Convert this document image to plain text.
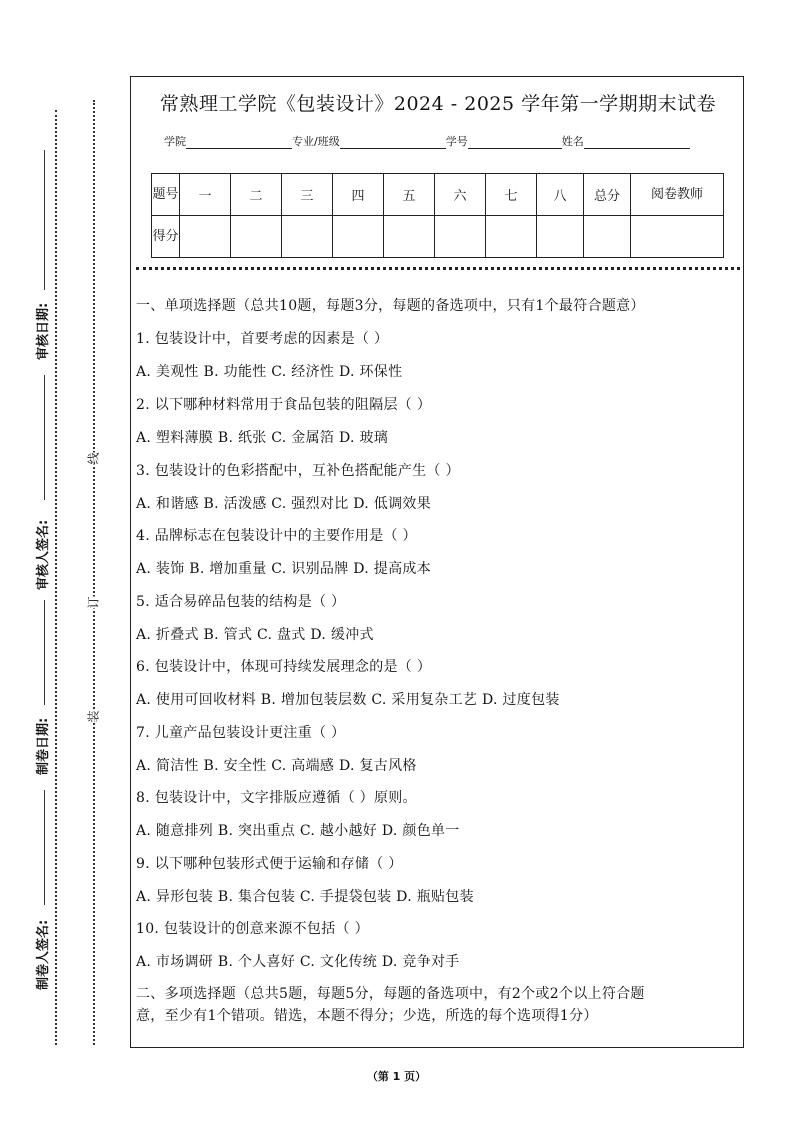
审核日期:
审核人签名:
制卷日期:
制卷人签名:
线
订
装
常熟理工学院《包装设计》2024 - 2025 学年第一学期期末试卷
学院	专业/班级	学号	姓名
题号	一	二	三	四	五	六	七	八	总分	阅卷教师
得分										
一、单项选择题（总共10题，每题3分，每题的备选项中，只有1个最符合题意）
1. 包装设计中，首要考虑的因素是（ ）
A. 美观性 B. 功能性 C. 经济性 D. 环保性
2. 以下哪种材料常用于食品包装的阻隔层（ ）
A. 塑料薄膜 B. 纸张 C. 金属箔 D. 玻璃
3. 包装设计的色彩搭配中，互补色搭配能产生（ ）
A. 和谐感 B. 活泼感 C. 强烈对比 D. 低调效果
4. 品牌标志在包装设计中的主要作用是（ ）
A. 装饰 B. 增加重量 C. 识别品牌 D. 提高成本
5. 适合易碎品包装的结构是（ ）
A. 折叠式 B. 管式 C. 盘式 D. 缓冲式
6. 包装设计中，体现可持续发展理念的是（ ）
A. 使用可回收材料 B. 增加包装层数 C. 采用复杂工艺 D. 过度包装
7. 儿童产品包装设计更注重（ ）
A. 简洁性 B. 安全性 C. 高端感 D. 复古风格
8. 包装设计中，文字排版应遵循（ ）原则。
A. 随意排列 B. 突出重点 C. 越小越好 D. 颜色单一
9. 以下哪种包装形式便于运输和存储（ ）
A. 异形包装 B. 集合包装 C. 手提袋包装 D. 瓶贴包装
10. 包装设计的创意来源不包括（ ）
A. 市场调研 B. 个人喜好 C. 文化传统 D. 竞争对手
二、多项选择题（总共5题，每题5分，每题的备选项中，有2个或2个以上符合题
意，至少有1个错项。错选，本题不得分；少选，所选的每个选项得1分）
（第 1 页）
